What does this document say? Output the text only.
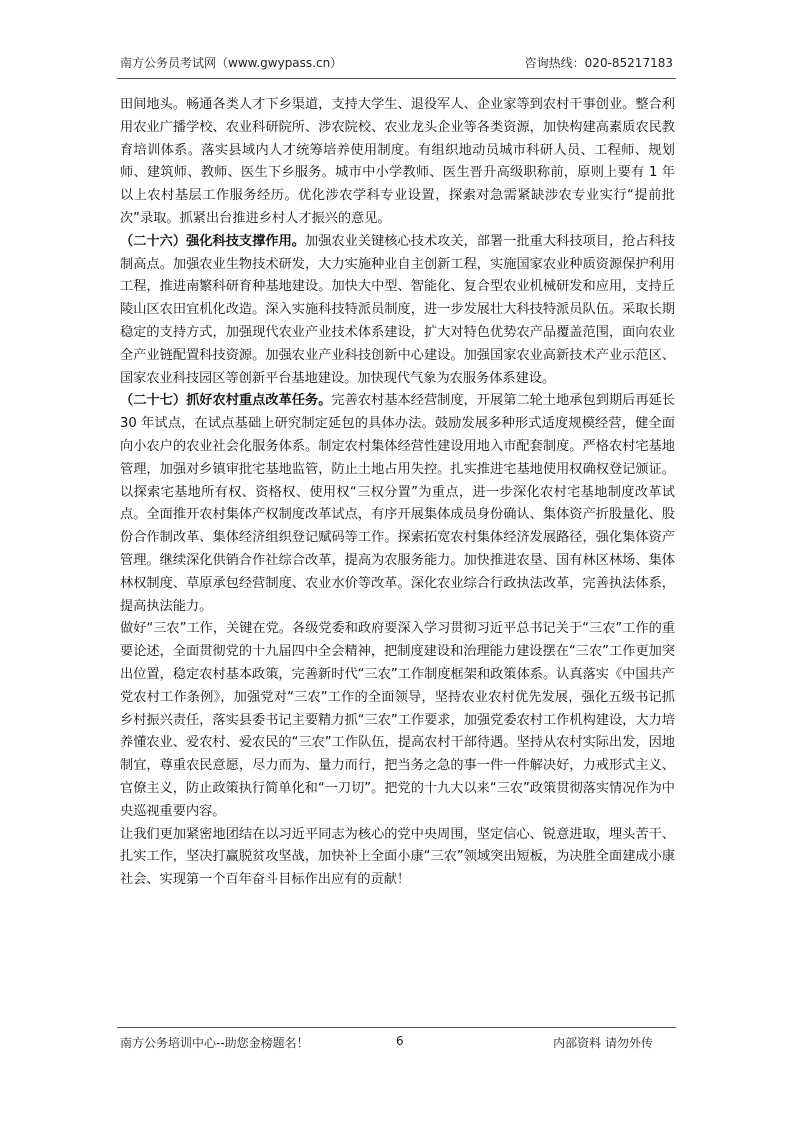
南方公务员考试网（www.gwypass.cn）	咨询热线：020-85217183

田间地头。畅通各类人才下乡渠道，支持大学生、退役军人、企业家等到农村干事创业。整合利用农业广播学校、农业科研院所、涉农院校、农业龙头企业等各类资源，加快构建高素质农民教育培训体系。落实县域内人才统筹培养使用制度。有组织地动员城市科研人员、工程师、规划师、建筑师、教师、医生下乡服务。城市中小学教师、医生晋升高级职称前，原则上要有 1 年以上农村基层工作服务经历。优化涉农学科专业设置，探索对急需紧缺涉农专业实行“提前批次”录取。抓紧出台推进乡村人才振兴的意见。

（二十六）强化科技支撑作用。加强农业关键核心技术攻关，部署一批重大科技项目，抢占科技制高点。加强农业生物技术研发，大力实施种业自主创新工程，实施国家农业种质资源保护利用工程，推进南繁科研育种基地建设。加快大中型、智能化、复合型农业机械研发和应用，支持丘陵山区农田宜机化改造。深入实施科技特派员制度，进一步发展壮大科技特派员队伍。采取长期稳定的支持方式，加强现代农业产业技术体系建设，扩大对特色优势农产品覆盖范围，面向农业全产业链配置科技资源。加强农业产业科技创新中心建设。加强国家农业高新技术产业示范区、国家农业科技园区等创新平台基地建设。加快现代气象为农服务体系建设。

（二十七）抓好农村重点改革任务。完善农村基本经营制度，开展第二轮土地承包到期后再延长 30 年试点，在试点基础上研究制定延包的具体办法。鼓励发展多种形式适度规模经营，健全面向小农户的农业社会化服务体系。制定农村集体经营性建设用地入市配套制度。严格农村宅基地管理，加强对乡镇审批宅基地监管，防止土地占用失控。扎实推进宅基地使用权确权登记颁证。以探索宅基地所有权、资格权、使用权“三权分置”为重点，进一步深化农村宅基地制度改革试点。全面推开农村集体产权制度改革试点，有序开展集体成员身份确认、集体资产折股量化、股份合作制改革、集体经济组织登记赋码等工作。探索拓宽农村集体经济发展路径，强化集体资产管理。继续深化供销合作社综合改革，提高为农服务能力。加快推进农垦、国有林区林场、集体林权制度、草原承包经营制度、农业水价等改革。深化农业综合行政执法改革，完善执法体系，提高执法能力。

做好“三农”工作，关键在党。各级党委和政府要深入学习贯彻习近平总书记关于“三农”工作的重要论述，全面贯彻党的十九届四中全会精神，把制度建设和治理能力建设摆在“三农”工作更加突出位置，稳定农村基本政策，完善新时代“三农”工作制度框架和政策体系。认真落实《中国共产党农村工作条例》，加强党对“三农”工作的全面领导，坚持农业农村优先发展，强化五级书记抓乡村振兴责任，落实县委书记主要精力抓“三农”工作要求，加强党委农村工作机构建设，大力培养懂农业、爱农村、爱农民的“三农”工作队伍，提高农村干部待遇。坚持从农村实际出发，因地制宜，尊重农民意愿，尽力而为、量力而行，把当务之急的事一件一件解决好，力戒形式主义、官僚主义，防止政策执行简单化和“一刀切”。把党的十九大以来“三农”政策贯彻落实情况作为中央巡视重要内容。

让我们更加紧密地团结在以习近平同志为核心的党中央周围，坚定信心、锐意进取，埋头苦干、扎实工作，坚决打赢脱贫攻坚战，加快补上全面小康“三农”领域突出短板，为决胜全面建成小康社会、实现第一个百年奋斗目标作出应有的贡献！

南方公务培训中心--助您金榜题名！	6	内部资料 请勿外传
